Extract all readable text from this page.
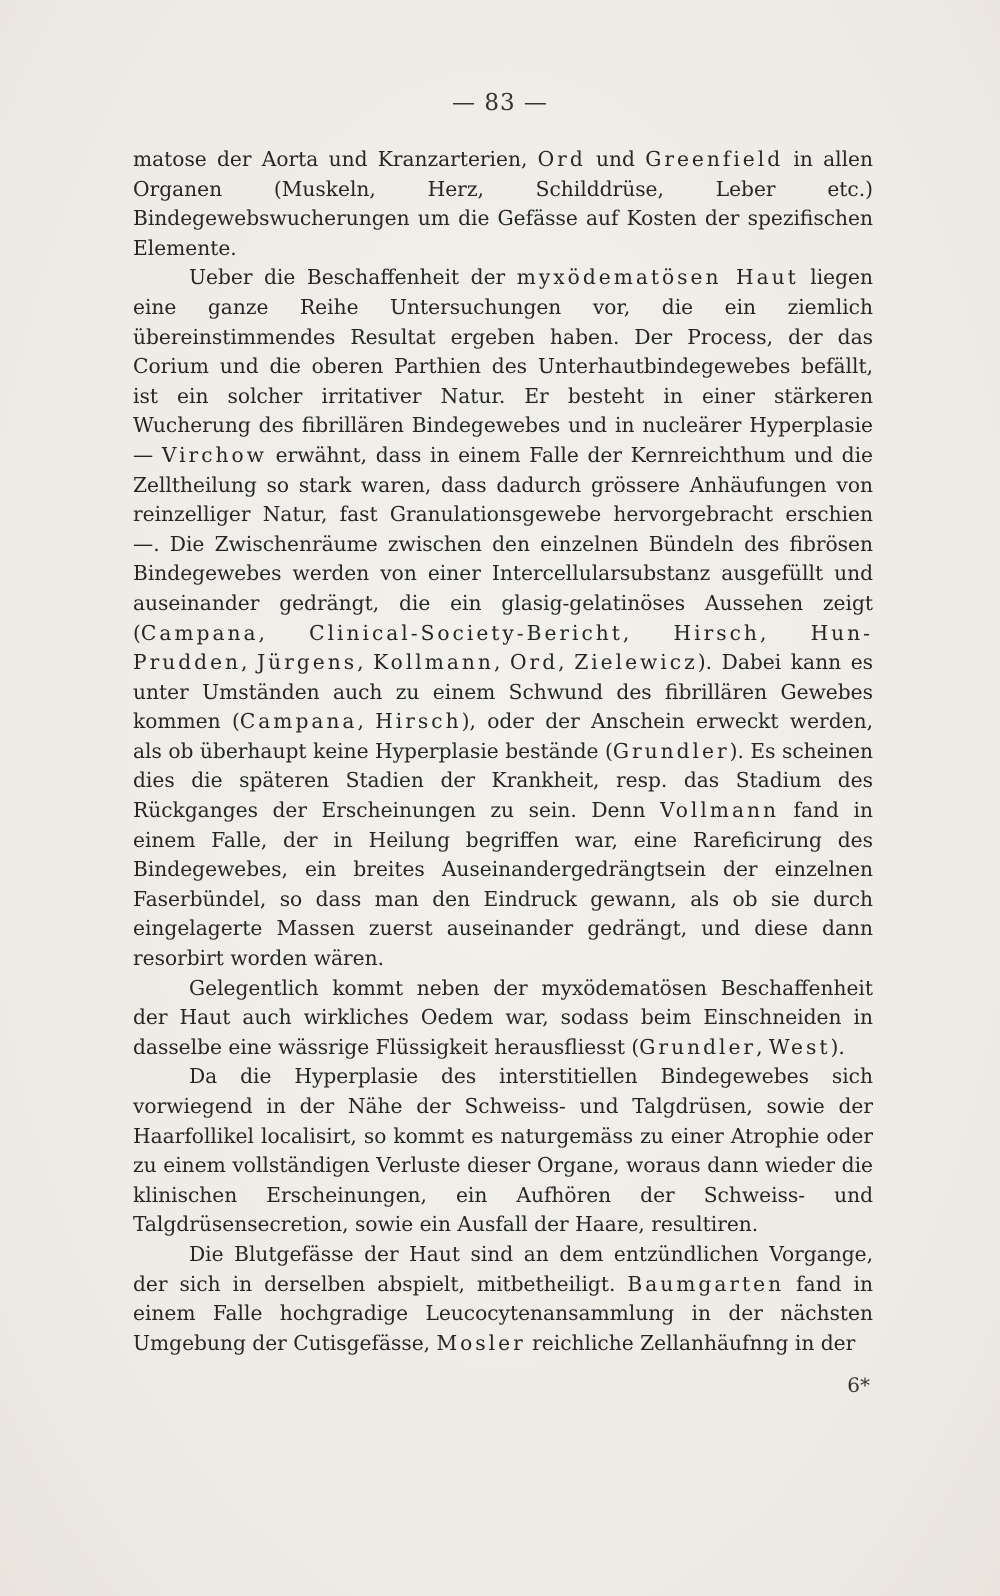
— 83 —

matose der Aorta und Kranzarterien, Ord und Greenfield in allen Organen (Muskeln, Herz, Schilddrüse, Leber etc.) Bindegewebswucherungen um die Gefässe auf Kosten der spezifischen Elemente.

Ueber die Beschaffenheit der myxödematösen Haut liegen eine ganze Reihe Untersuchungen vor, die ein ziemlich übereinstimmendes Resultat ergeben haben. Der Process, der das Corium und die oberen Parthien des Unterhautbindegewebes befällt, ist ein solcher irritativer Natur. Er besteht in einer stärkeren Wucherung des fibrillären Bindegewebes und in nucleärer Hyperplasie — Virchow erwähnt, dass in einem Falle der Kernreichthum und die Zelltheilung so stark waren, dass dadurch grössere Anhäufungen von reinzelliger Natur, fast Granulationsgewebe hervorgebracht erschien —. Die Zwischenräume zwischen den einzelnen Bündeln des fibrösen Bindegewebes werden von einer Intercellularsubstanz ausgefüllt und auseinander gedrängt, die ein glasig-gelatinöses Aussehen zeigt (Campana, Clinical-Society-Bericht, Hirsch, Hun-Prudden, Jürgens, Kollmann, Ord, Zielewicz). Dabei kann es unter Umständen auch zu einem Schwund des fibrillären Gewebes kommen (Campana, Hirsch), oder der Anschein erweckt werden, als ob überhaupt keine Hyperplasie bestände (Grundler). Es scheinen dies die späteren Stadien der Krankheit, resp. das Stadium des Rückganges der Erscheinungen zu sein. Denn Vollmann fand in einem Falle, der in Heilung begriffen war, eine Rareficirung des Bindegewebes, ein breites Auseinandergedrängtsein der einzelnen Faserbündel, so dass man den Eindruck gewann, als ob sie durch eingelagerte Massen zuerst auseinander gedrängt, und diese dann resorbirt worden wären.

Gelegentlich kommt neben der myxödematösen Beschaffenheit der Haut auch wirkliches Oedem war, sodass beim Einschneiden in dasselbe eine wässrige Flüssigkeit herausfliesst (Grundler, West).

Da die Hyperplasie des interstitiellen Bindegewebes sich vorwiegend in der Nähe der Schweiss- und Talgdrüsen, sowie der Haarfollikel localisirt, so kommt es naturgemäss zu einer Atrophie oder zu einem vollständigen Verluste dieser Organe, woraus dann wieder die klinischen Erscheinungen, ein Aufhören der Schweiss- und Talgdrüsensecretion, sowie ein Ausfall der Haare, resultiren.

Die Blutgefässe der Haut sind an dem entzündlichen Vorgange, der sich in derselben abspielt, mitbetheiligt. Baumgarten fand in einem Falle hochgradige Leucocytenansammlung in der nächsten Umgebung der Cutisgefässe, Mosler reichliche Zellanhäufnng in der

6*
